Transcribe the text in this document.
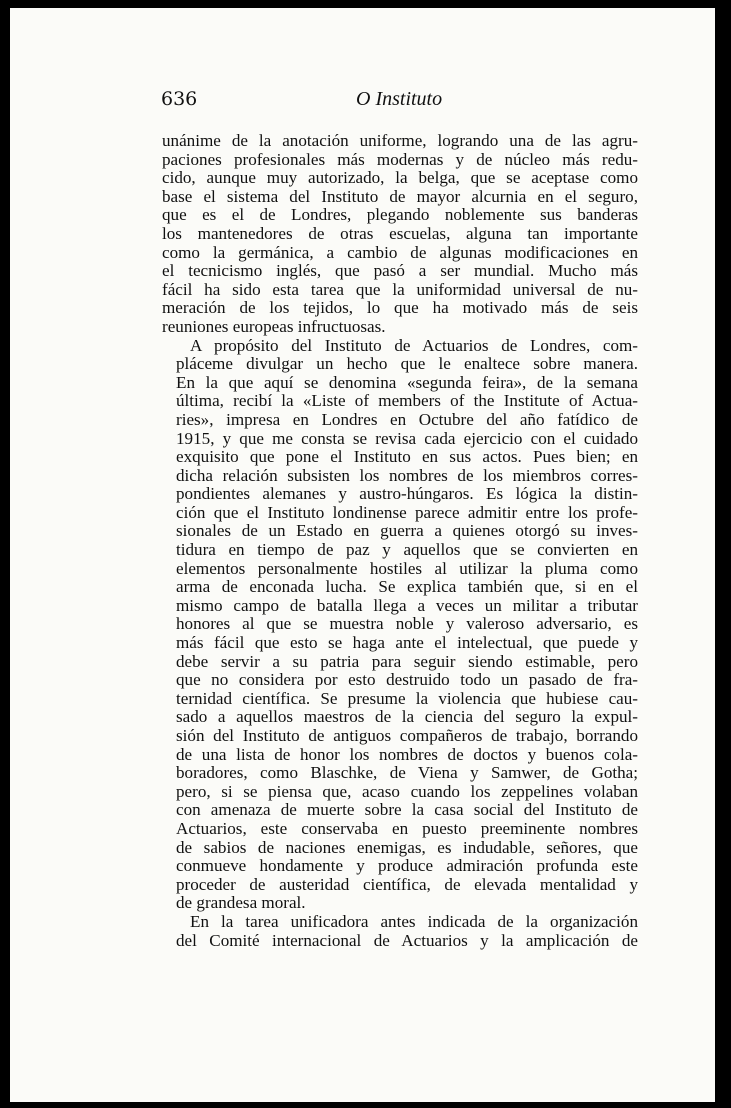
636	O Instituto

unánime de la anotación uniforme, logrando una de las agru-
paciones profesionales más modernas y de núcleo más redu-
cido, aunque muy autorizado, la belga, que se aceptase como
base el sistema del Instituto de mayor alcurnia en el seguro,
que es el de Londres, plegando noblemente sus banderas
los mantenedores de otras escuelas, alguna tan importante
como la germánica, a cambio de algunas modificaciones en
el tecnicismo inglés, que pasó a ser mundial. Mucho más
fácil ha sido esta tarea que la uniformidad universal de nu-
meración de los tejidos, lo que ha motivado más de seis
reuniones europeas infructuosas.

A propósito del Instituto de Actuarios de Londres, com-
pláceme divulgar un hecho que le enaltece sobre manera.
En la que aquí se denomina «segunda feira», de la semana
última, recibí la «Liste of members of the Institute of Actua-
ries», impresa en Londres en Octubre del año fatídico de
1915, y que me consta se revisa cada ejercicio con el cuidado
exquisito que pone el Instituto en sus actos. Pues bien; en
dicha relación subsisten los nombres de los miembros corres-
pondientes alemanes y austro-húngaros. Es lógica la distin-
ción que el Instituto londinense parece admitir entre los profe-
sionales de un Estado en guerra a quienes otorgó su inves-
tidura en tiempo de paz y aquellos que se convierten en
elementos personalmente hostiles al utilizar la pluma como
arma de enconada lucha. Se explica también que, si en el
mismo campo de batalla llega a veces un militar a tributar
honores al que se muestra noble y valeroso adversario, es
más fácil que esto se haga ante el intelectual, que puede y
debe servir a su patria para seguir siendo estimable, pero
que no considera por esto destruido todo un pasado de fra-
ternidad científica. Se presume la violencia que hubiese cau-
sado a aquellos maestros de la ciencia del seguro la expul-
sión del Instituto de antiguos compañeros de trabajo, borrando
de una lista de honor los nombres de doctos y buenos cola-
boradores, como Blaschke, de Viena y Samwer, de Gotha;
pero, si se piensa que, acaso cuando los zeppelines volaban
con amenaza de muerte sobre la casa social del Instituto de
Actuarios, este conservaba en puesto preeminente nombres
de sabios de naciones enemigas, es indudable, señores, que
conmueve hondamente y produce admiración profunda este
proceder de austeridad científica, de elevada mentalidad y
de grandesa moral.

En la tarea unificadora antes indicada de la organización
del Comité internacional de Actuarios y la amplicación de
